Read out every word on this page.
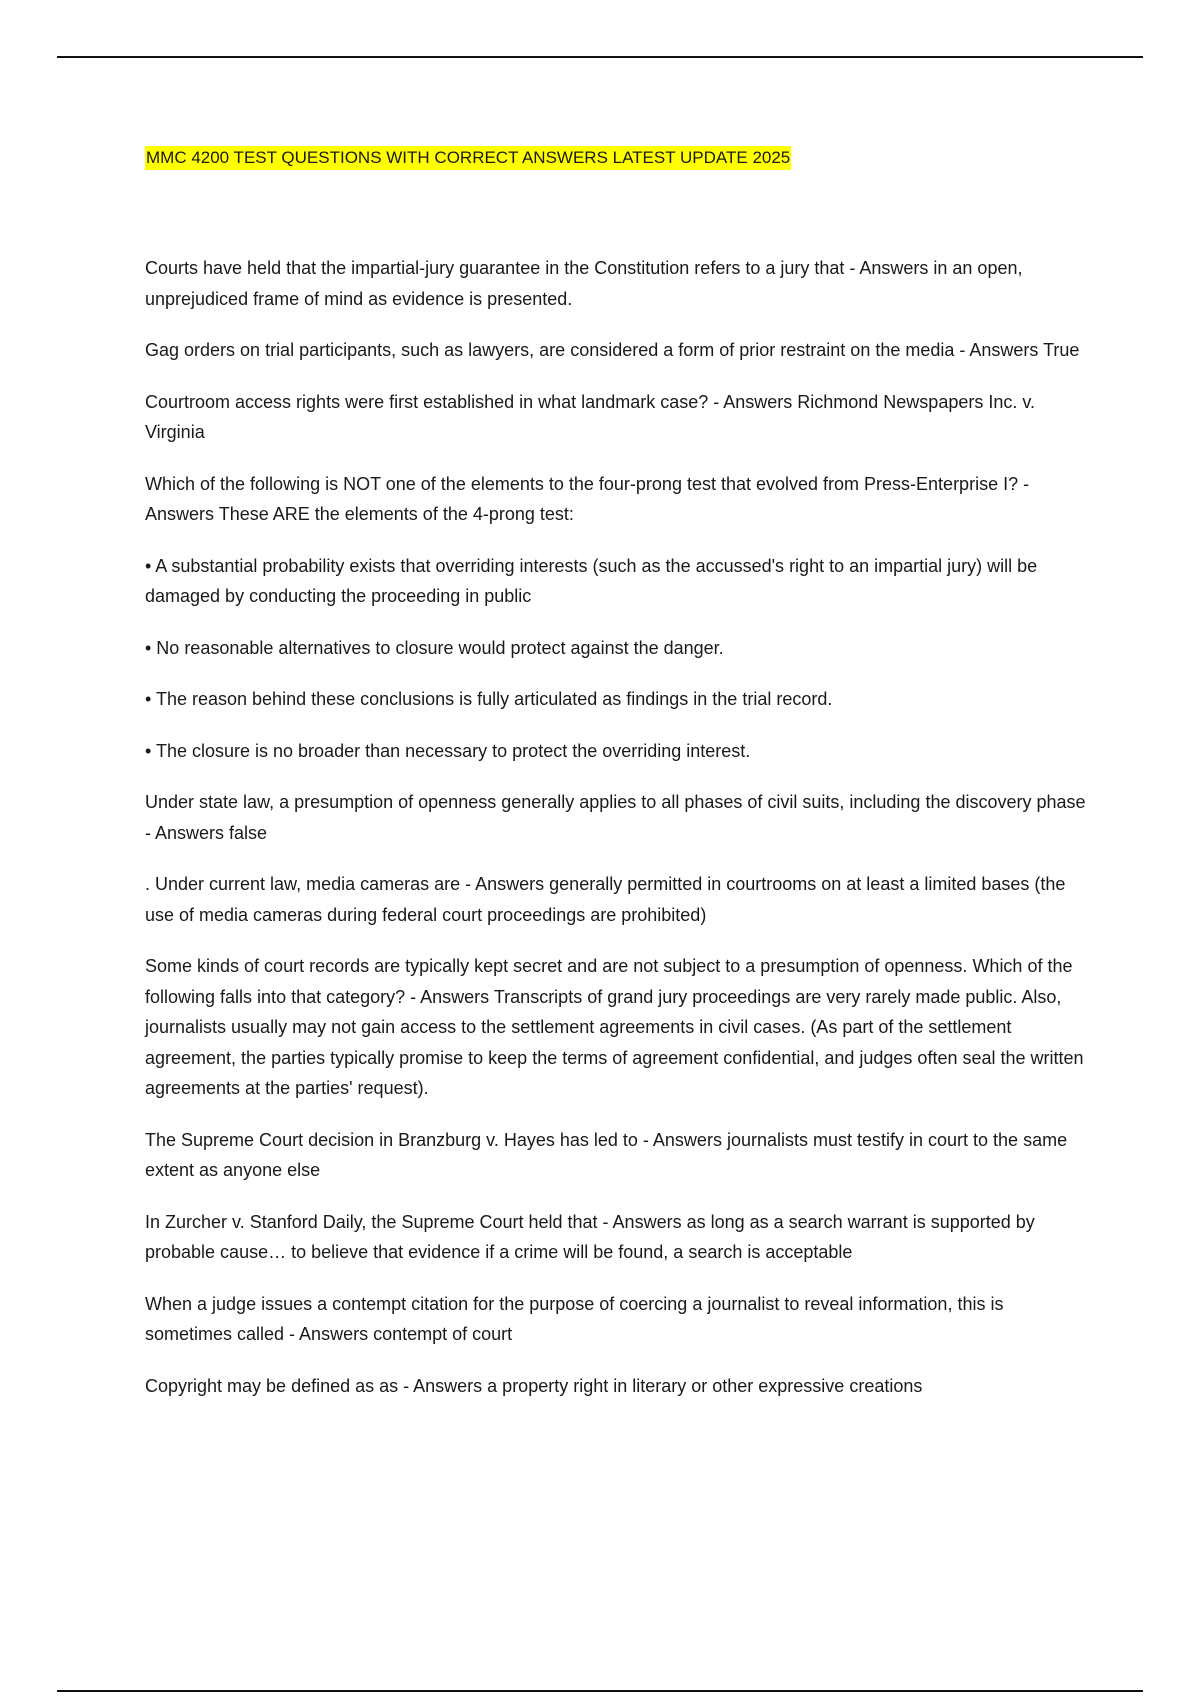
MMC 4200 TEST QUESTIONS WITH CORRECT ANSWERS LATEST UPDATE 2025

Courts have held that the impartial-jury guarantee in the Constitution refers to a jury that - Answers in an open, unprejudiced frame of mind as evidence is presented.

Gag orders on trial participants, such as lawyers, are considered a form of prior restraint on the media - Answers True

Courtroom access rights were first established in what landmark case? - Answers Richmond Newspapers Inc. v. Virginia

Which of the following is NOT one of the elements to the four-prong test that evolved from Press-Enterprise I? - Answers These ARE the elements of the 4-prong test:

• A substantial probability exists that overriding interests (such as the accussed's right to an impartial jury) will be damaged by conducting the proceeding in public

• No reasonable alternatives to closure would protect against the danger.

• The reason behind these conclusions is fully articulated as findings in the trial record.

• The closure is no broader than necessary to protect the overriding interest.

Under state law, a presumption of openness generally applies to all phases of civil suits, including the discovery phase - Answers false

. Under current law, media cameras are - Answers generally permitted in courtrooms on at least a limited bases (the use of media cameras during federal court proceedings are prohibited)

Some kinds of court records are typically kept secret and are not subject to a presumption of openness. Which of the following falls into that category? - Answers Transcripts of grand jury proceedings are very rarely made public. Also, journalists usually may not gain access to the settlement agreements in civil cases. (As part of the settlement agreement, the parties typically promise to keep the terms of agreement confidential, and judges often seal the written agreements at the parties' request).

The Supreme Court decision in Branzburg v. Hayes has led to - Answers journalists must testify in court to the same extent as anyone else

In Zurcher v. Stanford Daily, the Supreme Court held that - Answers as long as a search warrant is supported by probable cause… to believe that evidence if a crime will be found, a search is acceptable

When a judge issues a contempt citation for the purpose of coercing a journalist to reveal information, this is sometimes called - Answers contempt of court

Copyright may be defined as as - Answers a property right in literary or other expressive creations
